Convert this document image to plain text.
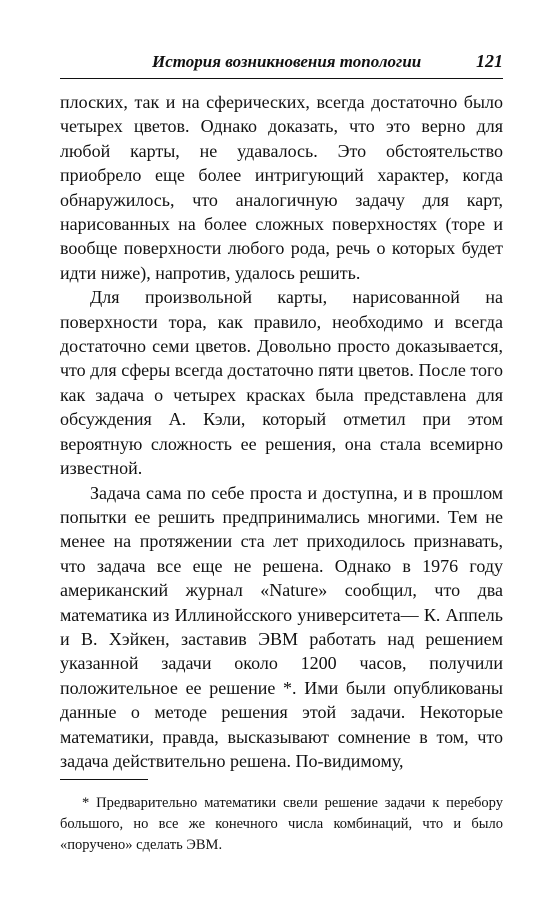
История возникновения топологии	121

плоских, так и на сферических, всегда достаточно было четырех цветов. Однако доказать, что это верно для любой карты, не удавалось. Это обстоятельство приобрело еще более интригующий характер, когда обнаружилось, что аналогичную задачу для карт, нарисованных на более сложных поверхностях (торе и вообще поверхности любого рода, речь о которых будет идти ниже), напротив, удалось решить.

Для произвольной карты, нарисованной на поверхности тора, как правило, необходимо и всегда достаточно семи цветов. Довольно просто доказывается, что для сферы всегда достаточно пяти цветов. После того как задача о четырех красках была представлена для обсуждения А. Кэли, который отметил при этом вероятную сложность ее решения, она стала всемирно известной.

Задача сама по себе проста и доступна, и в прошлом попытки ее решить предпринимались многими. Тем не менее на протяжении ста лет приходилось признавать, что задача все еще не решена. Однако в 1976 году американский журнал «Nature» сообщил, что два математика из Иллинойсского университета— К. Аппель и В. Хэйкен, заставив ЭВМ работать над решением указанной задачи около 1200 часов, получили положительное ее решение *. Ими были опубликованы данные о методе решения этой задачи. Некоторые математики, правда, высказывают сомнение в том, что задача действительно решена. По-видимому,

* Предварительно математики свели решение задачи к перебору большого, но все же конечного числа комбинаций, что и было «поручено» сделать ЭВМ.
